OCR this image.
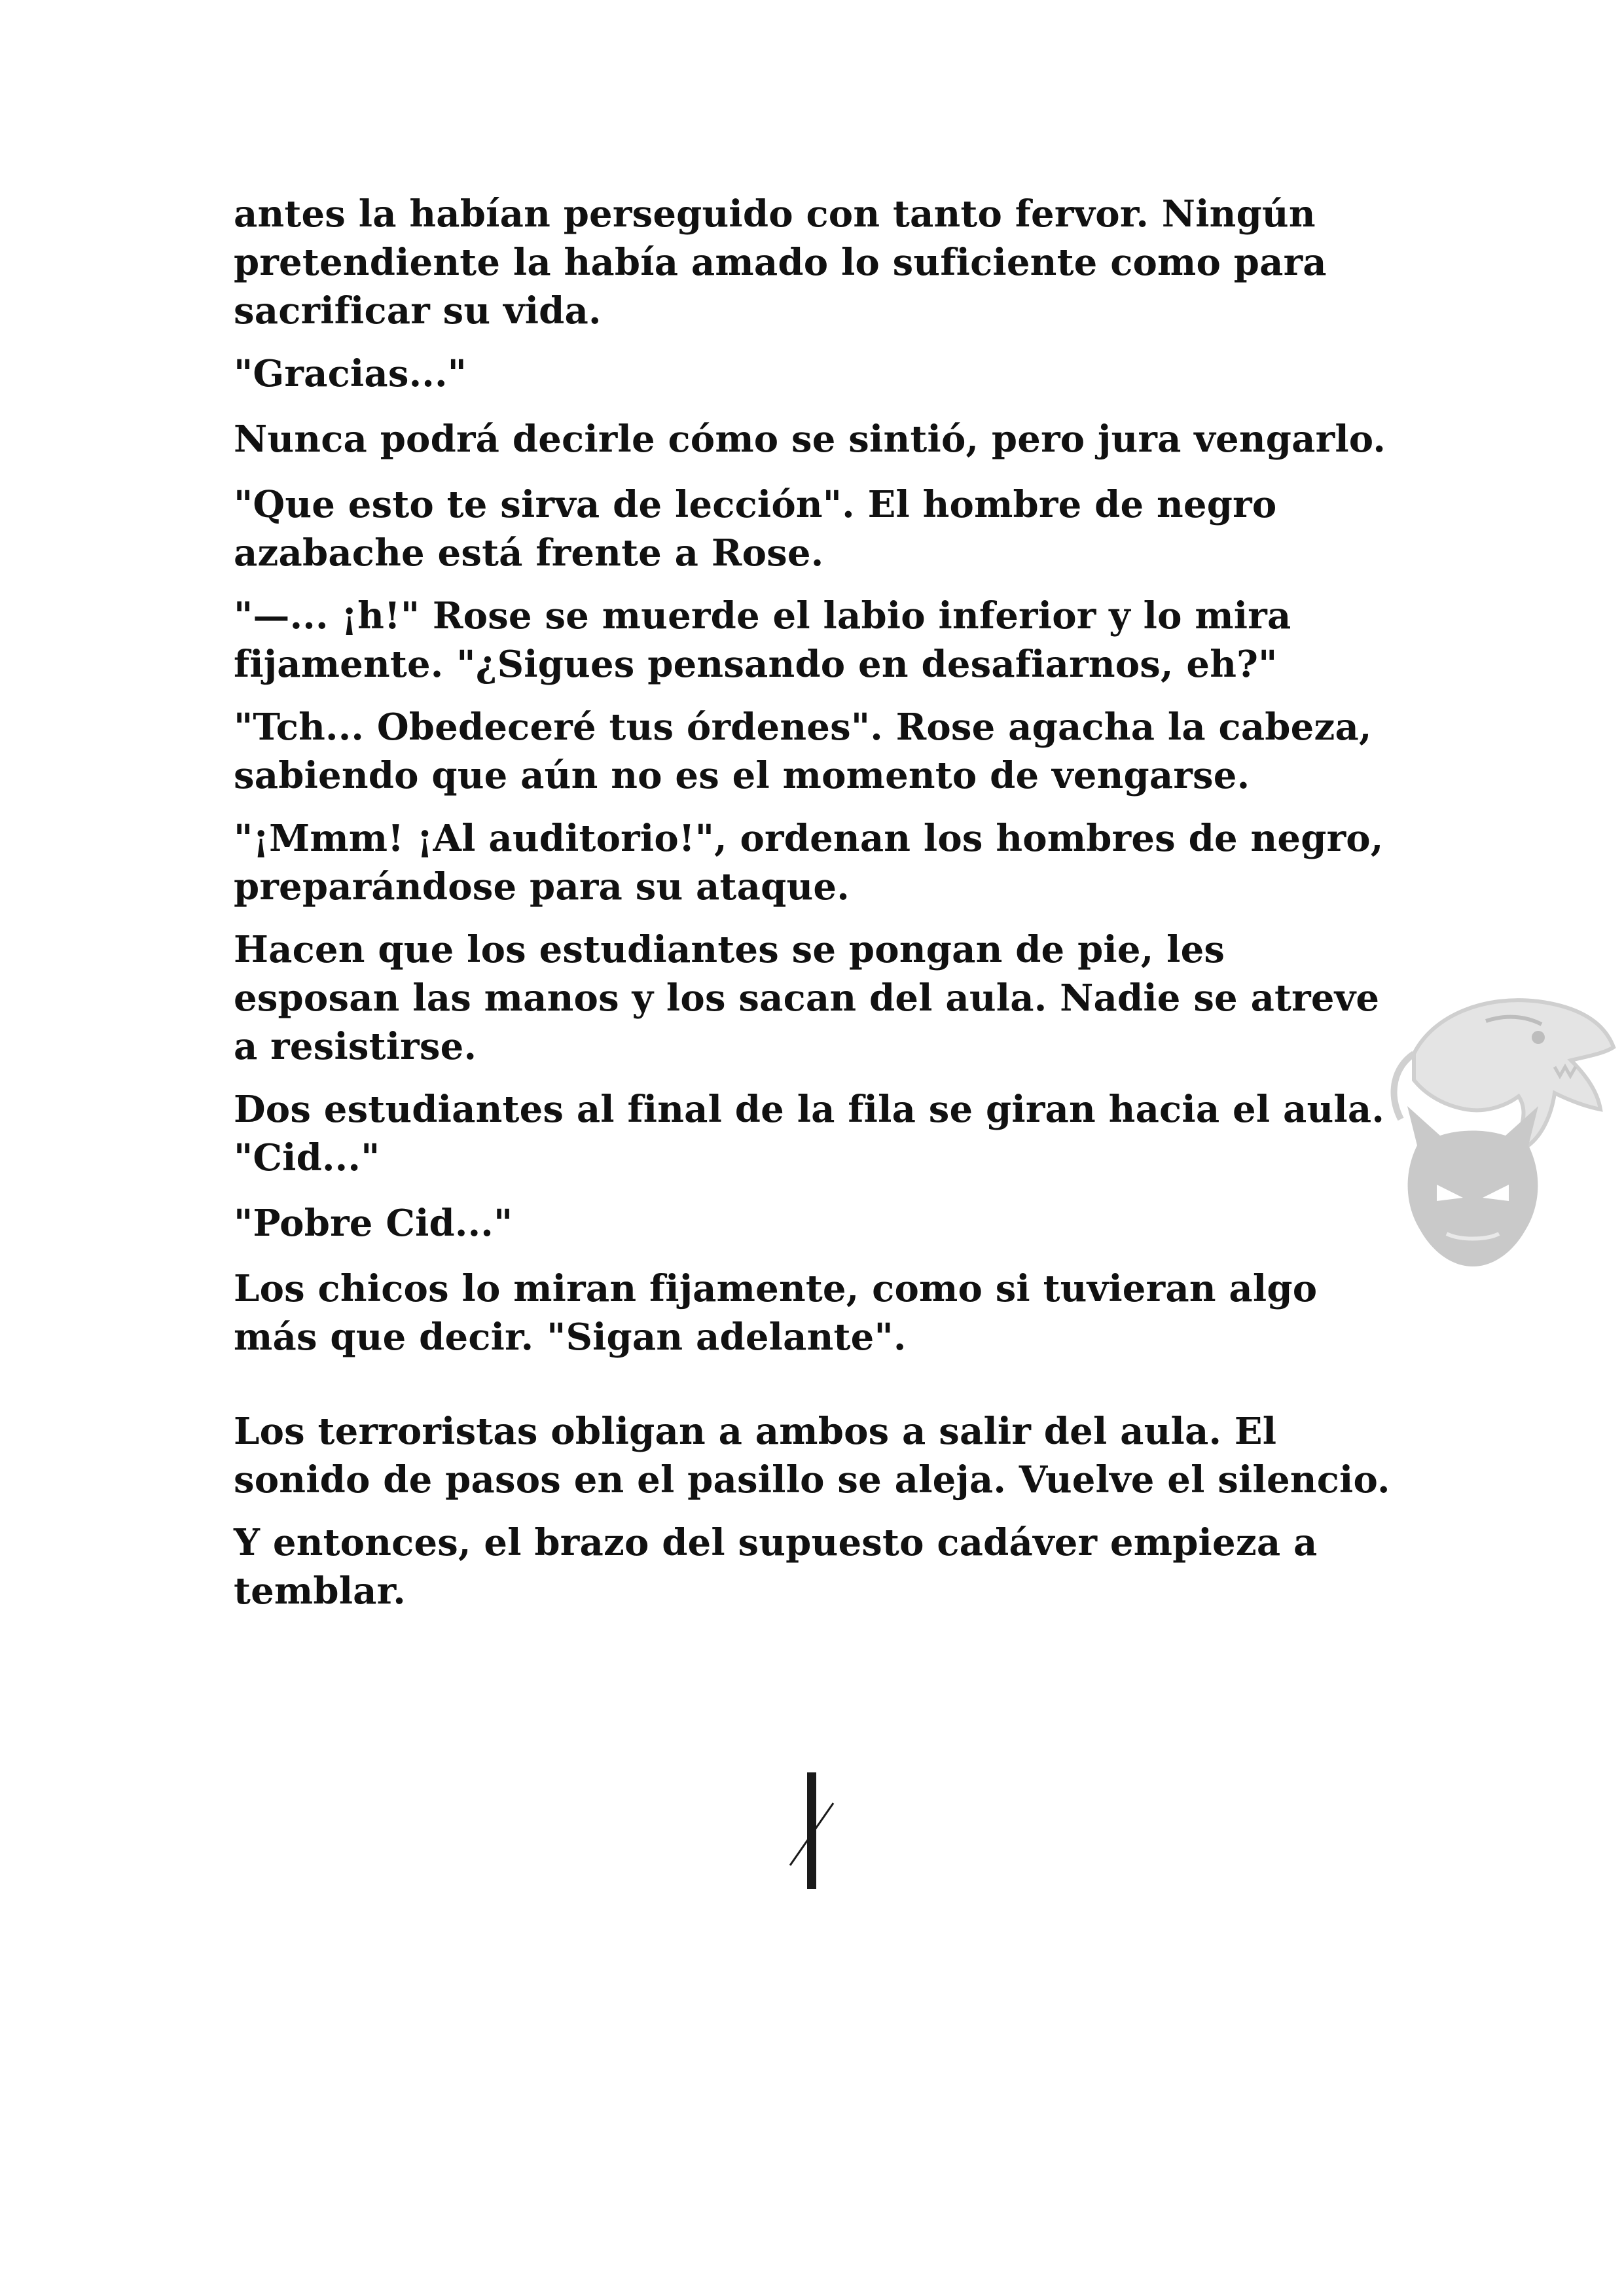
antes la habían perseguido con tanto fervor. Ningún pretendiente la había amado lo suficiente como para sacrificar su vida.

"Gracias..."

Nunca podrá decirle cómo se sintió, pero jura vengarlo.

"Que esto te sirva de lección". El hombre de negro azabache está frente a Rose.

"—... ¡h!" Rose se muerde el labio inferior y lo mira fijamente. "¿Sigues pensando en desafiarnos, eh?"

"Tch... Obedeceré tus órdenes". Rose agacha la cabeza, sabiendo que aún no es el momento de vengarse.

"¡Mmm! ¡Al auditorio!", ordenan los hombres de negro, preparándose para su ataque.

Hacen que los estudiantes se pongan de pie, les esposan las manos y los sacan del aula. Nadie se atreve a resistirse.

Dos estudiantes al final de la fila se giran hacia el aula. "Cid..."

"Pobre Cid..."

Los chicos lo miran fijamente, como si tuvieran algo más que decir. "Sigan adelante".

Los terroristas obligan a ambos a salir del aula. El sonido de pasos en el pasillo se aleja. Vuelve el silencio.

Y entonces, el brazo del supuesto cadáver empieza a temblar.
